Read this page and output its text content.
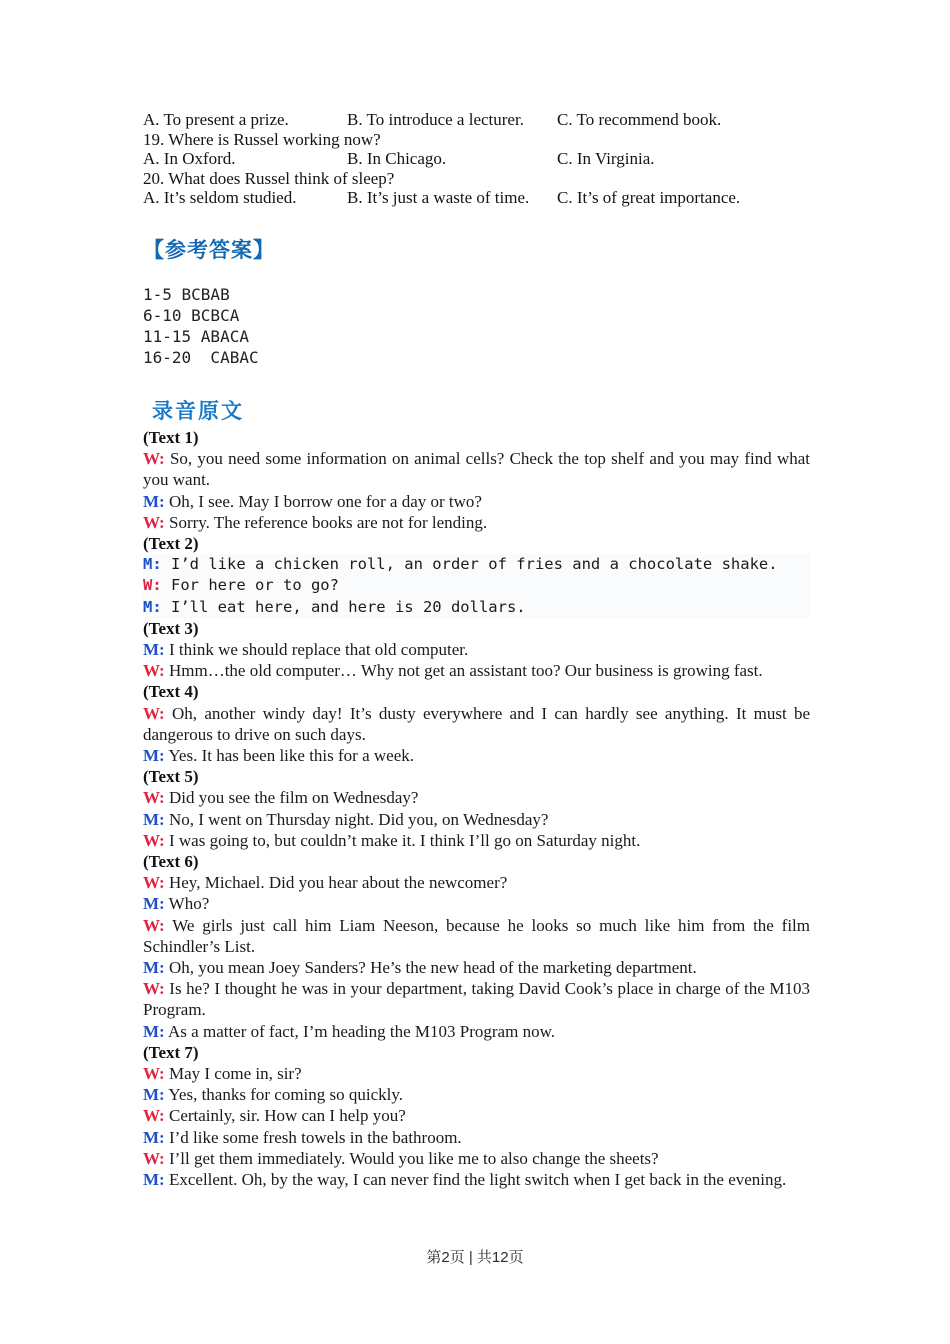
A. To present a prize.	B. To introduce a lecturer.	C. To recommend book.
19. Where is Russel working now?
A. In Oxford.	B. In Chicago.	C. In Virginia.
20. What does Russel think of sleep?
A. It’s seldom studied.	B. It’s just a waste of time.	C. It’s of great importance.
【参考答案】
1-5 BCBAB
6-10 BCBCA
11-15 ABACA
16-20  CABAC
录音原文
(Text 1)

W: So, you need some information on animal cells? Check the top shelf and you may find what you want.

M: Oh, I see. May I borrow one for a day or two?

W: Sorry. The reference books are not for lending.

(Text 2)

M: I’d like a chicken roll, an order of fries and a chocolate shake.

W: For here or to go?

M: I’ll eat here, and here is 20 dollars.

(Text 3)

M: I think we should replace that old computer.

W: Hmm…the old computer… Why not get an assistant too? Our business is growing fast.

(Text 4)

W: Oh, another windy day! It’s dusty everywhere and I can hardly see anything. It must be dangerous to drive on such days.

M: Yes. It has been like this for a week.

(Text 5)

W: Did you see the film on Wednesday?

M: No, I went on Thursday night. Did you, on Wednesday?

W: I was going to, but couldn’t make it. I think I’ll go on Saturday night.

(Text 6)

W: Hey, Michael. Did you hear about the newcomer?

M: Who?

W: We girls just call him Liam Neeson, because he looks so much like him from the film Schindler’s List.

M: Oh, you mean Joey Sanders? He’s the new head of the marketing department.

W: Is he? I thought he was in your department, taking David Cook’s place in charge of the M103 Program.

M: As a matter of fact, I’m heading the M103 Program now.

(Text 7)

W: May I come in, sir?

M: Yes, thanks for coming so quickly.

W: Certainly, sir. How can I help you?

M: I’d like some fresh towels in the bathroom.

W: I’ll get them immediately. Would you like me to also change the sheets?

M: Excellent. Oh, by the way, I can never find the light switch when I get back in the evening.

第2页 | 共12页
